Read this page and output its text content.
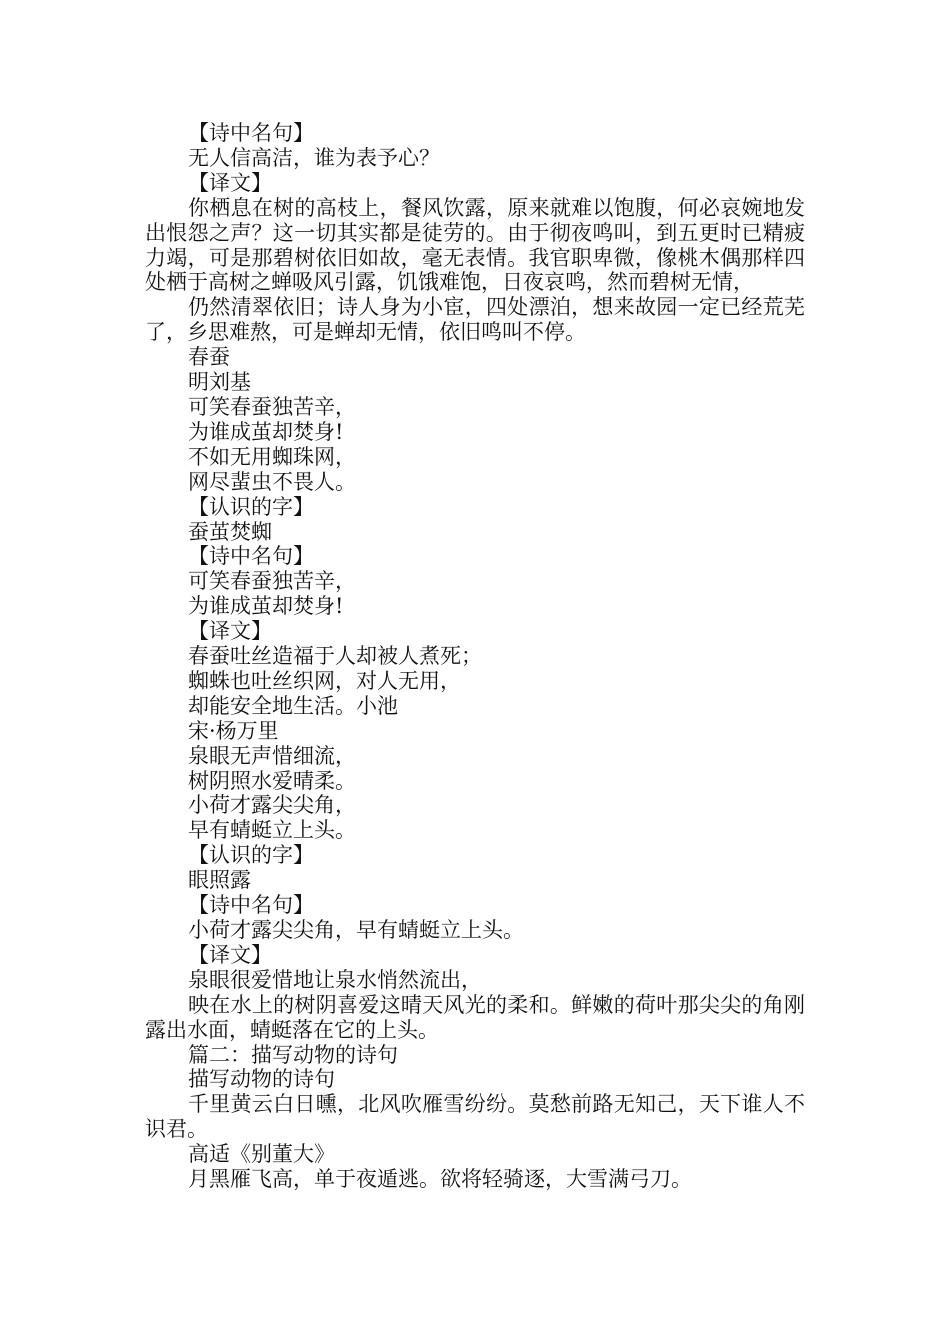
【诗中名句】

无人信高洁，谁为表予心？

【译文】

你栖息在树的高枝上，餐风饮露，原来就难以饱腹，何必哀婉地发出恨怨之声？这一切其实都是徒劳的。由于彻夜鸣叫，到五更时已精疲力竭，可是那碧树依旧如故，毫无表情。我官职卑微，像桃木偶那样四处栖于高树之蝉吸风引露，饥饿难饱，日夜哀鸣，然而碧树无情，

仍然清翠依旧；诗人身为小宦，四处漂泊，想来故园一定已经荒芜了，乡思难熬，可是蝉却无情，依旧鸣叫不停。

春蚕

明刘基

可笑春蚕独苦辛，

为谁成茧却焚身!

不如无用蜘珠网，

网尽蜚虫不畏人。

【认识的字】

蚕茧焚蜘

【诗中名句】

可笑春蚕独苦辛，

为谁成茧却焚身!

【译文】

春蚕吐丝造福于人却被人煮死；

蜘蛛也吐丝织网，对人无用，

却能安全地生活。小池

宋·杨万里

泉眼无声惜细流，

树阴照水爱晴柔。

小荷才露尖尖角，

早有蜻蜓立上头。

【认识的字】

眼照露

【诗中名句】

小荷才露尖尖角，早有蜻蜓立上头。

【译文】

泉眼很爱惜地让泉水悄然流出，

映在水上的树阴喜爱这晴天风光的柔和。鲜嫩的荷叶那尖尖的角刚露出水面，蜻蜓落在它的上头。

篇二：描写动物的诗句

描写动物的诗句

千里黄云白日曛，北风吹雁雪纷纷。莫愁前路无知己，天下谁人不识君。

高适《别董大》

月黑雁飞高，单于夜遁逃。欲将轻骑逐，大雪满弓刀。
